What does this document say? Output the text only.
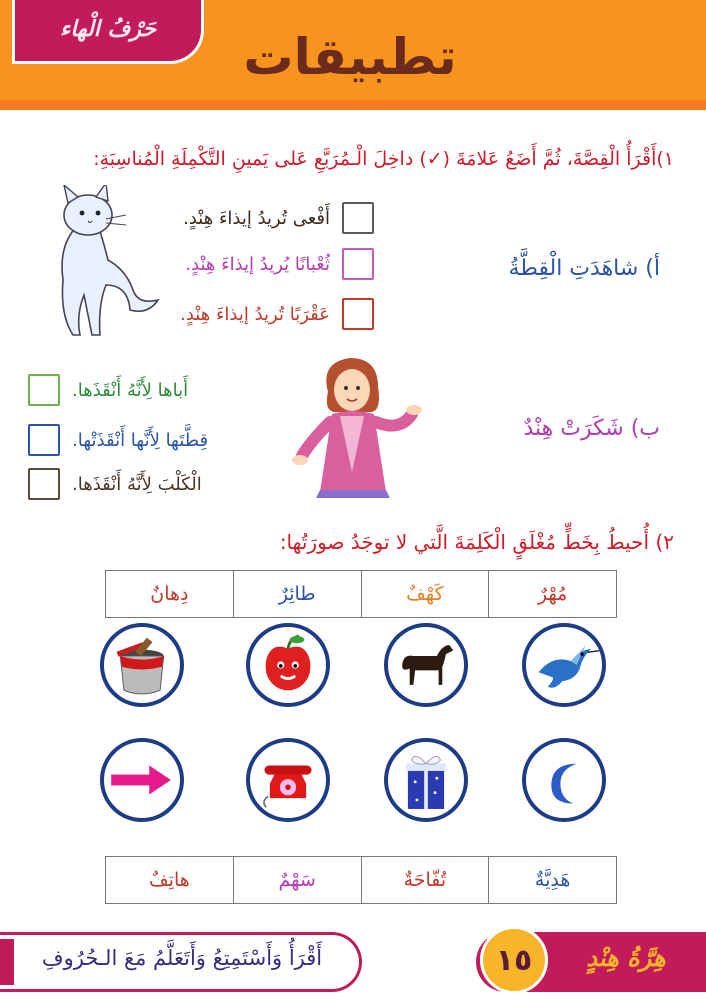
حَرْفُ الْهاء	تطبيقات
١)أَقْرَأُ الْقِصَّةَ، ثُمَّ أَضَعُ عَلامَةَ (✓) داخِلَ الْـمُرَبَّعِ عَلى يَمينِ التَّكْمِلَةِ الْمُناسِبَةِ:
أَفْعى تُريدُ إيذاءَ هِنْدٍ.
ثُعْبانًا يُريدُ إيذاءَ هِنْدٍ.
عَقْرَبًا تُريدُ إيذاءَ هِنْدٍ.
أ) شاهَدَتِ الْقِطَّةُ
أَباها لِأَنَّهُ أَنْقَذَها.
قِطَّتَها لِأَنَّها أَنْقَذَتْها.
الْكَلْبَ لِأَنَّهُ أَنْقَذَها.
ب) شَكَرَتْ هِنْدٌ
٢) أُحيطُ بِخَطٍّ مُغْلَقٍ الْكَلِمَةَ الَّتي لا توجَدُ صورَتُها:
دِهانٌ	طائِرٌ	كَهْفٌ	مُهْرٌ
هاتِفٌ	سَهْمٌ	تُفّاحَةٌ	هَدِيَّةٌ
أَقْرَأُ وَأَسْتَمِتِعُ وَأَتَعَلَّمُ مَعَ الـحُرُوفِ	هِرَّةُ هِنْدٍ
١٥
